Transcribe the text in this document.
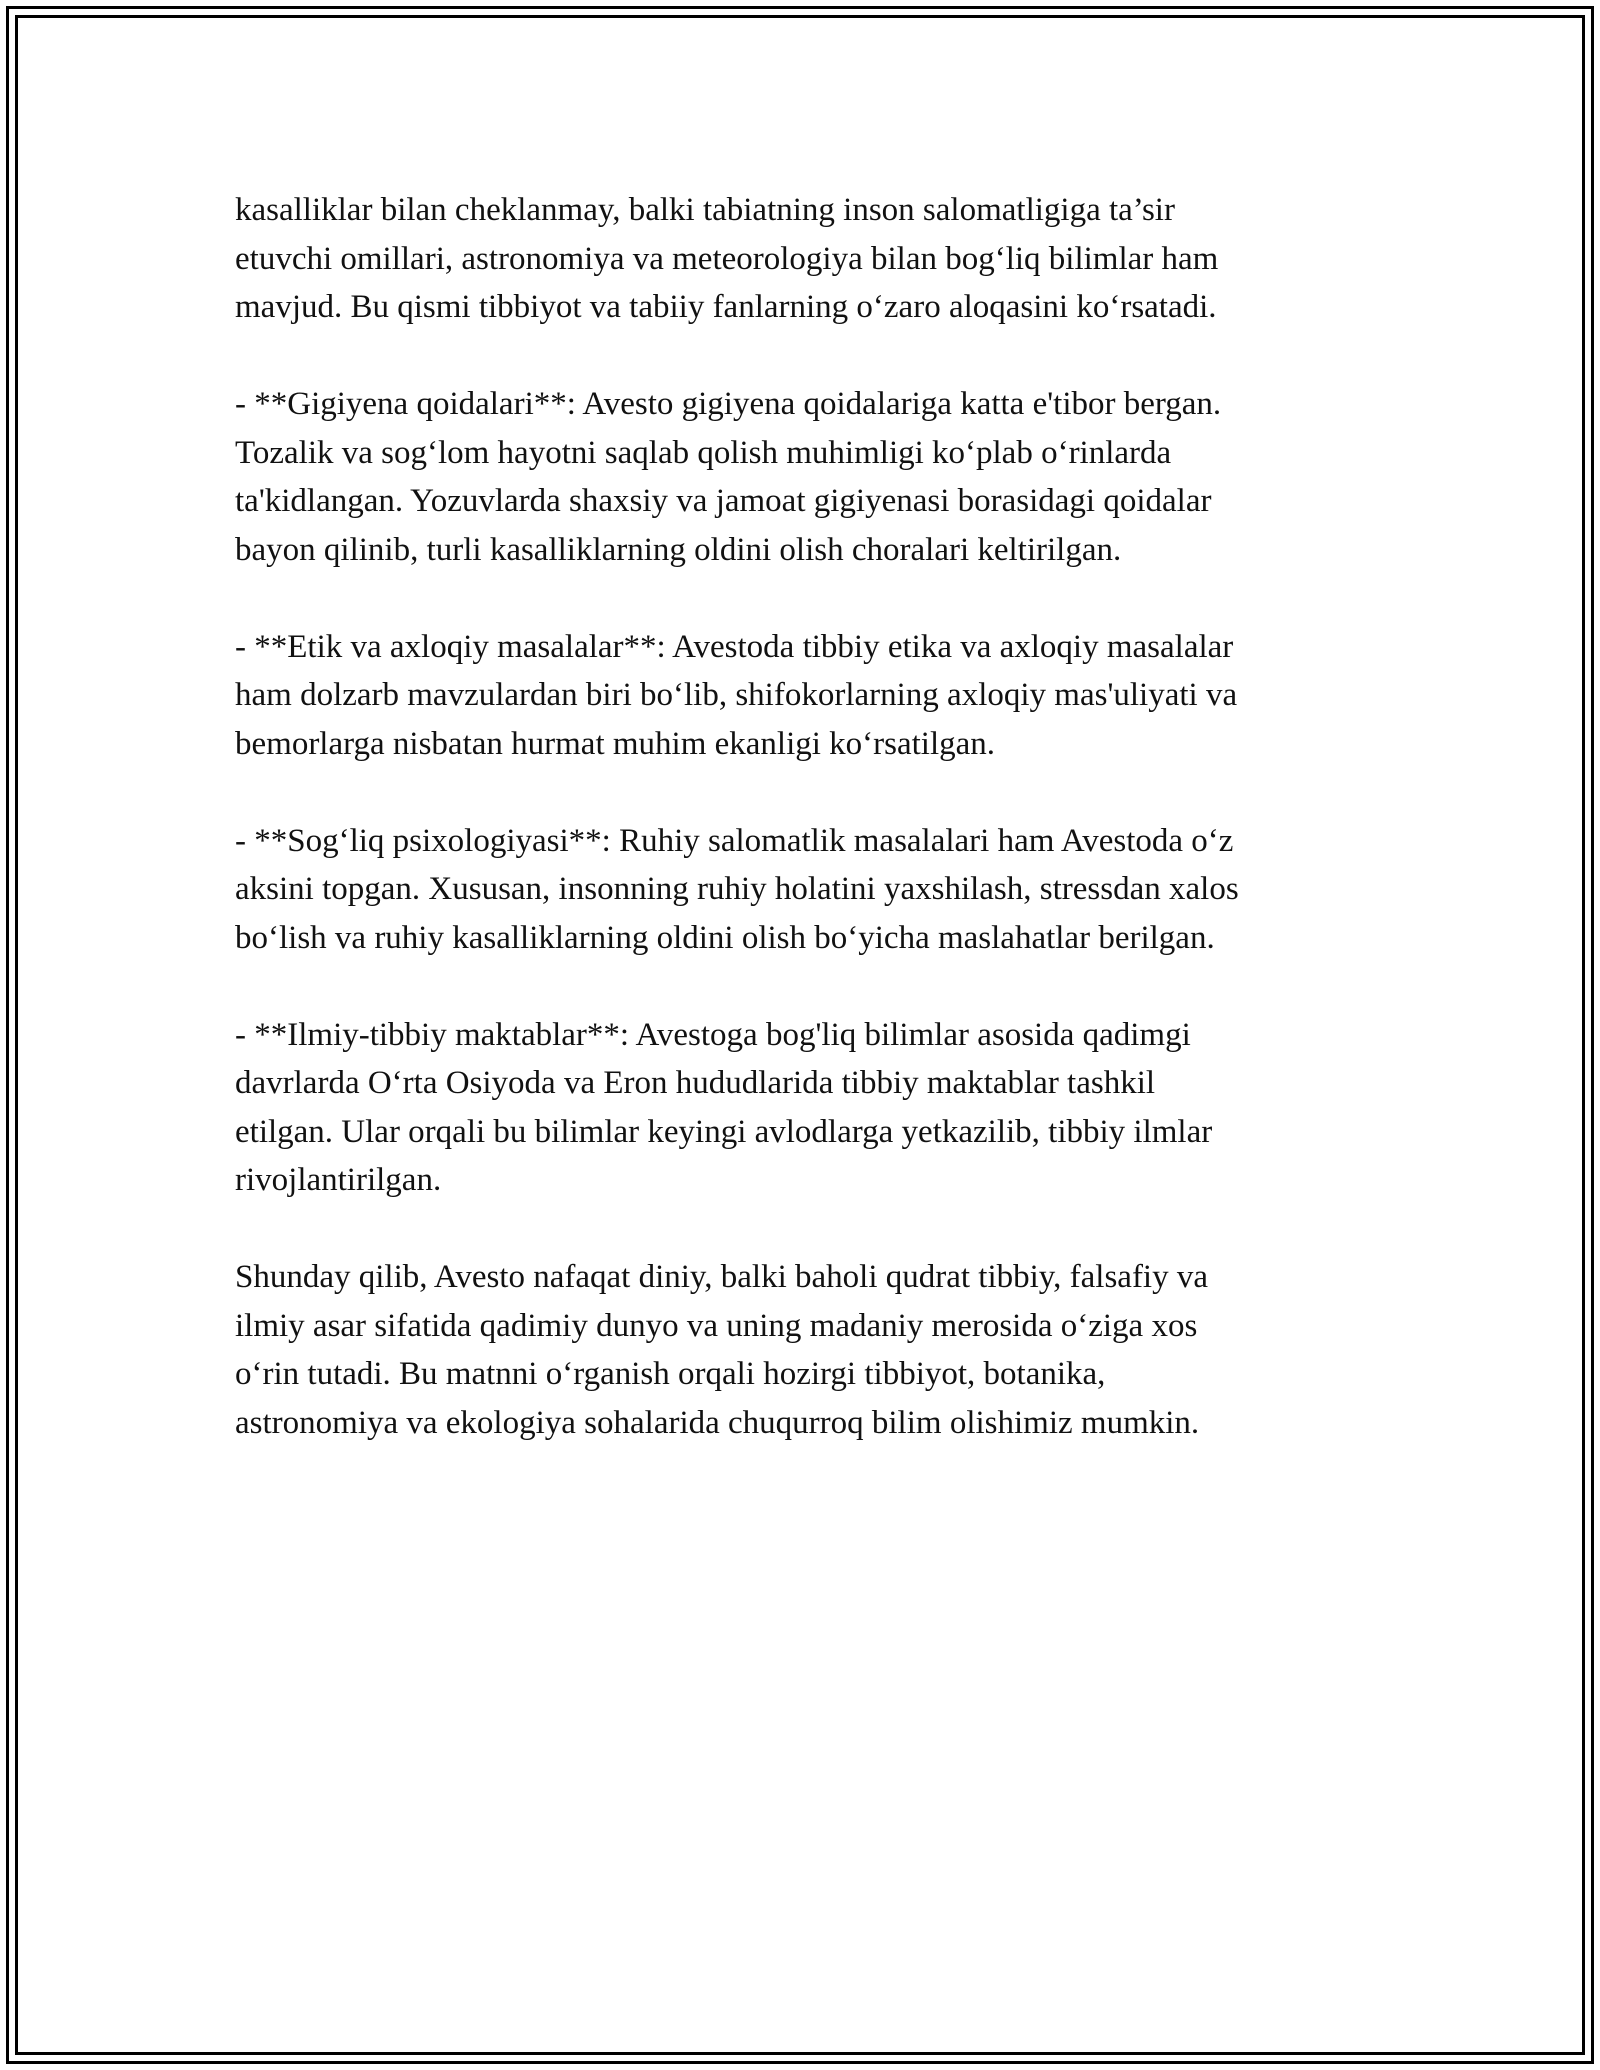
kasalliklar bilan cheklanmay, balki tabiatning inson salomatligiga ta’sir
etuvchi omillari, astronomiya va meteorologiya bilan bog‘liq bilimlar ham
mavjud. Bu qismi tibbiyot va tabiiy fanlarning o‘zaro aloqasini ko‘rsatadi.

- **Gigiyena qoidalari**: Avesto gigiyena qoidalariga katta e'tibor bergan.
Tozalik va sog‘lom hayotni saqlab qolish muhimligi ko‘plab o‘rinlarda
ta'kidlangan. Yozuvlarda shaxsiy va jamoat gigiyenasi borasidagi qoidalar
bayon qilinib, turli kasalliklarning oldini olish choralari keltirilgan.

- **Etik va axloqiy masalalar**: Avestoda tibbiy etika va axloqiy masalalar
ham dolzarb mavzulardan biri bo‘lib, shifokorlarning axloqiy mas'uliyati va
bemorlarga nisbatan hurmat muhim ekanligi ko‘rsatilgan.

- **Sog‘liq psixologiyasi**: Ruhiy salomatlik masalalari ham Avestoda o‘z
aksini topgan. Xususan, insonning ruhiy holatini yaxshilash, stressdan xalos
bo‘lish va ruhiy kasalliklarning oldini olish bo‘yicha maslahatlar berilgan.

- **Ilmiy-tibbiy maktablar**: Avestoga bog'liq bilimlar asosida qadimgi
davrlarda O‘rta Osiyoda va Eron hududlarida tibbiy maktablar tashkil
etilgan. Ular orqali bu bilimlar keyingi avlodlarga yetkazilib, tibbiy ilmlar
rivojlantirilgan.

Shunday qilib, Avesto nafaqat diniy, balki baholi qudrat tibbiy, falsafiy va
ilmiy asar sifatida qadimiy dunyo va uning madaniy merosida o‘ziga xos
o‘rin tutadi. Bu matnni o‘rganish orqali hozirgi tibbiyot, botanika,
astronomiya va ekologiya sohalarida chuqurroq bilim olishimiz mumkin.
